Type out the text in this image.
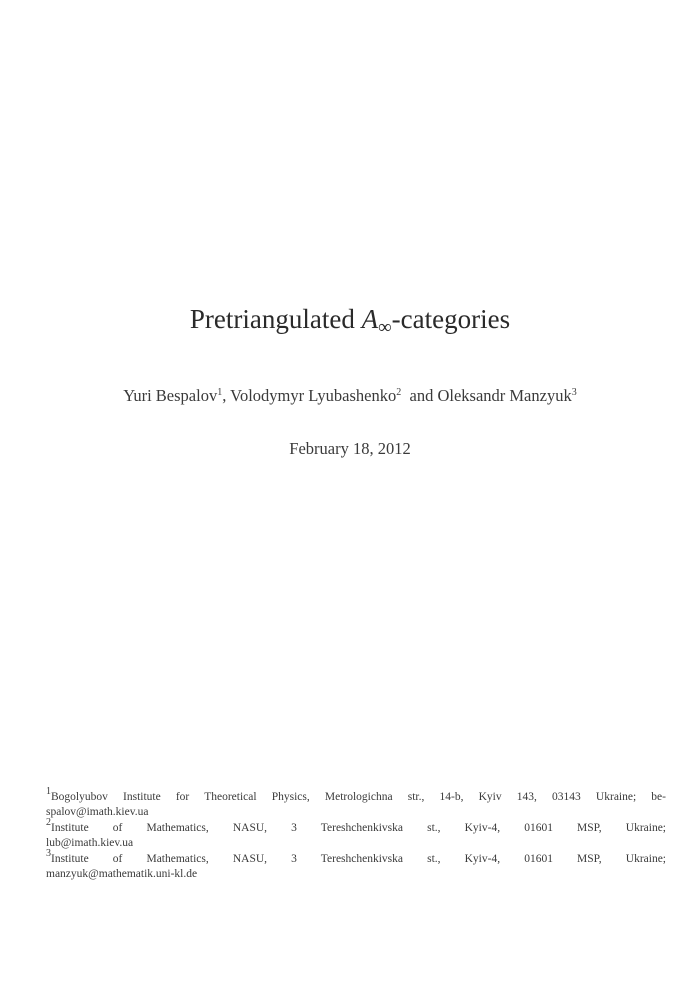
Pretriangulated $A_\infty$-categories
Yuri Bespalov$^1$, Volodymyr Lyubashenko$^2$  and Oleksandr Manzyuk$^3$
February 18, 2012

$^1$Bogolyubov Institute for Theoretical Physics, Metrologichna str., 14-b, Kyiv 143, 03143 Ukraine; be-
spalov@imath.kiev.ua

$^2$Institute of Mathematics, NASU, 3 Tereshchenkivska st., Kyiv-4, 01601 MSP, Ukraine;
lub@imath.kiev.ua

$^3$Institute of Mathematics, NASU, 3 Tereshchenkivska st., Kyiv-4, 01601 MSP, Ukraine;
manzyuk@mathematik.uni-kl.de
